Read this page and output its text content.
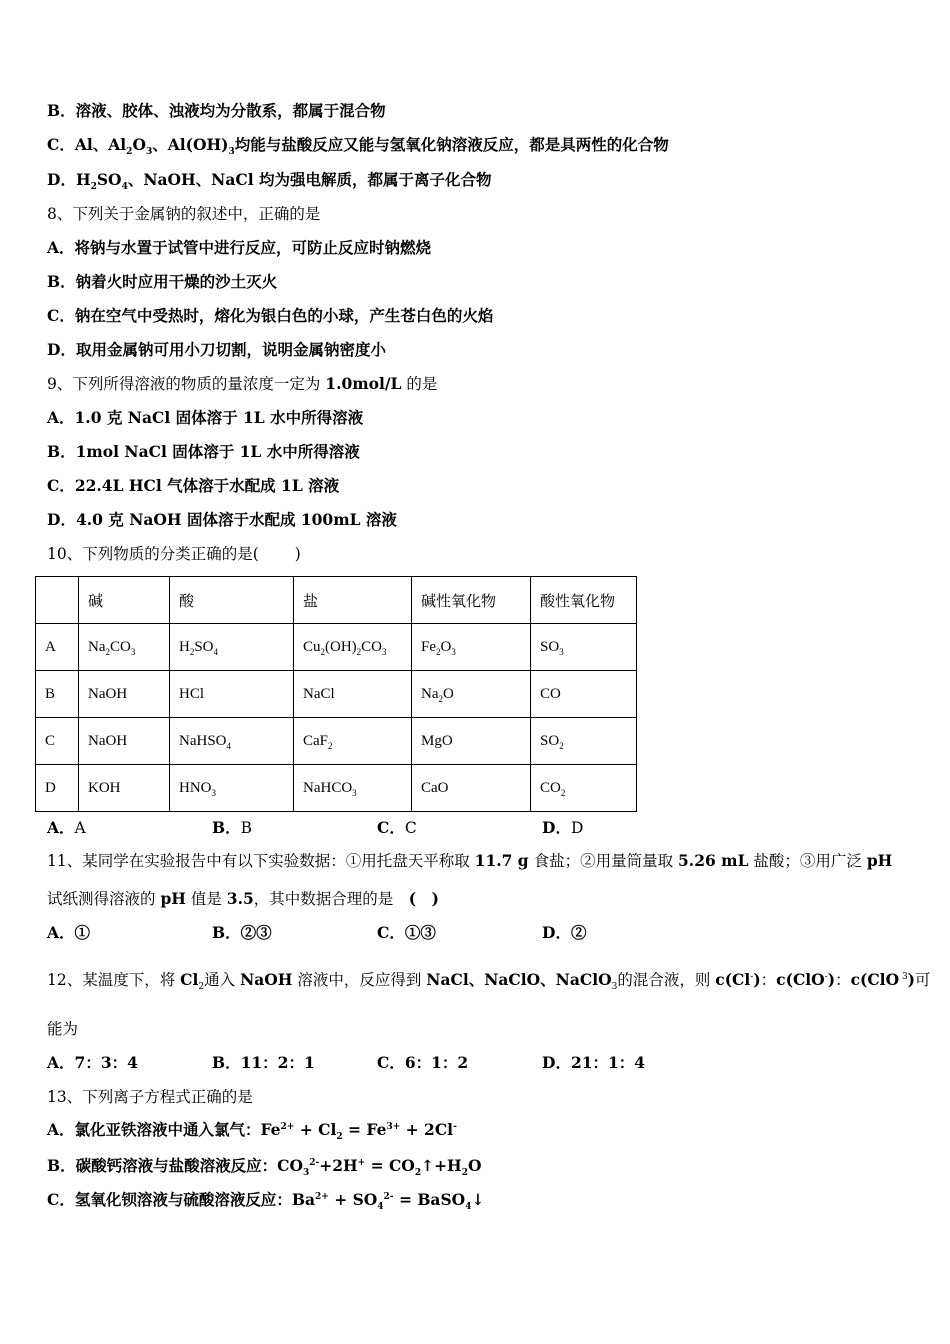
B．溶液、胶体、浊液均为分散系，都属于混合物
C．Al、$Al_2O_3$、$Al(OH)_3$均能与盐酸反应又能与氢氧化钠溶液反应，都是具两性的化合物
D．$H_2SO_4$、NaOH、NaCl 均为强电解质，都属于离子化合物
8、下列关于金属钠的叙述中，正确的是
A．将钠与水置于试管中进行反应，可防止反应时钠燃烧
B．钠着火时应用干燥的沙土灭火
C．钠在空气中受热时，熔化为银白色的小球，产生苍白色的火焰
D．取用金属钠可用小刀切割，说明金属钠密度小
9、下列所得溶液的物质的量浓度一定为 1.0mol/L 的是
A．1.0 克 NaCl 固体溶于 1L 水中所得溶液
B．1mol NaCl 固体溶于 1L 水中所得溶液
C．22.4L HCl 气体溶于水配成 1L 溶液
D．4.0 克 NaOH 固体溶于水配成 100mL 溶液
10、下列物质的分类正确的是(　　 )
11、某同学在实验报告中有以下实验数据：①用托盘天平称取 11.7 g 食盐；②用量筒量取 5.26 mL 盐酸；③用广泛 pH
试纸测得溶液的 pH 值是 3.5，其中数据合理的是　(　)
12、某温度下，将 $Cl_2$通入 NaOH 溶液中，反应得到 NaCl、NaClO、NaClO$_3$的混合液，则 c(Cl-)：c(ClO-)：c(ClO $^3$)可
能为
13、下列离子方程式正确的是
A．氯化亚铁溶液中通入氯气：$Fe^{2+} + Cl_2 = Fe^{3+} + 2Cl^-$
B．碳酸钙溶液与盐酸溶液反应：$CO_3^{2-}+2H^+$ = $CO_2↑+H_2O$
C．氢氧化钡溶液与硫酸溶液反应：$Ba^{2+} + SO_4^{2-}$ = BaSO$_4$↓
	碱	酸	盐	碱性氧化物	酸性氧化物
A	$Na_2CO_3$	$H_2SO_4$	$Cu_2(OH)_2CO_3$	$Fe_2O_3$	$SO_3$
B	NaOH	HCl	NaCl	$Na_2O$	CO
C	NaOH	NaHSO$_4$	CaF$_2$	MgO	$SO_2$
D	KOH	$HNO_3$	NaHCO$_3$	CaO	$CO_2$
A．A	B．B	C．C	D．D
A．①	B．②③	C．①③	D．②
A．7：3：4	B．11：2：1	C．6：1：2	D．21：1：4
